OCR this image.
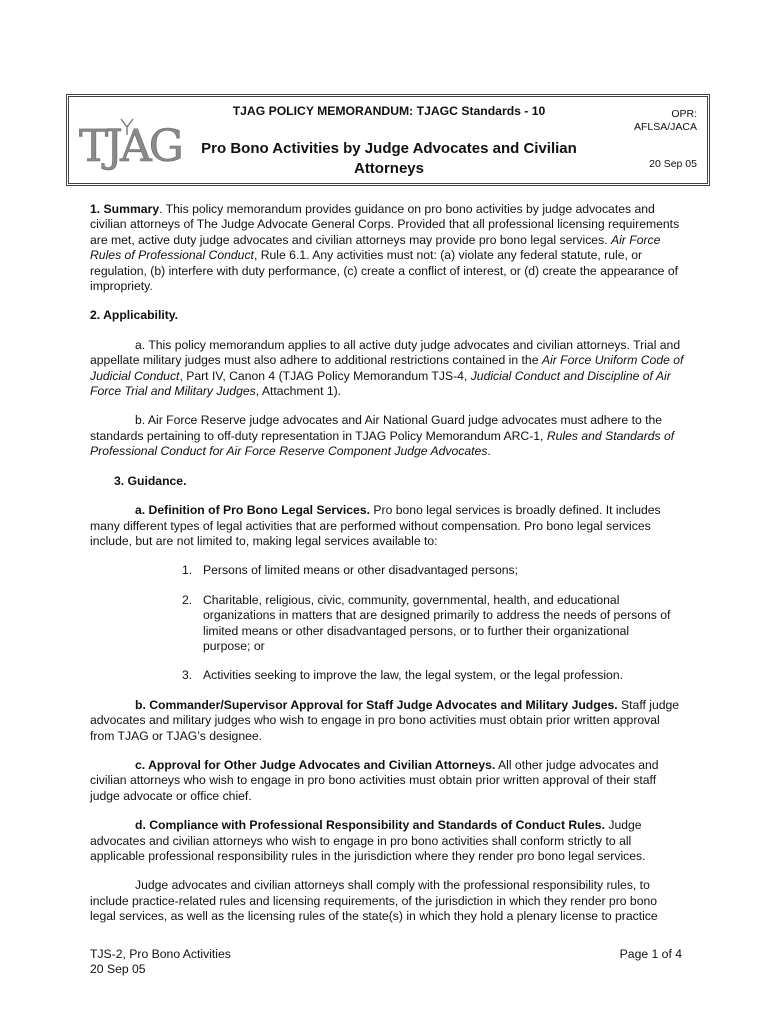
TJAG
TJAG POLICY MEMORANDUM: TJAGC Standards - 10
Pro Bono Activities by Judge Advocates and Civilian
Attorneys
OPR:
AFLSA/JACA
20 Sep 05

1. Summary. This policy memorandum provides guidance on pro bono activities by judge advocates and civilian attorneys of The Judge Advocate General Corps. Provided that all professional licensing requirements are met, active duty judge advocates and civilian attorneys may provide pro bono legal services. Air Force Rules of Professional Conduct, Rule 6.1. Any activities must not: (a) violate any federal statute, rule, or regulation, (b) interfere with duty performance, (c) create a conflict of interest, or (d) create the appearance of impropriety.

2. Applicability.

a. This policy memorandum applies to all active duty judge advocates and civilian attorneys. Trial and appellate military judges must also adhere to additional restrictions contained in the Air Force Uniform Code of Judicial Conduct, Part IV, Canon 4 (TJAG Policy Memorandum TJS-4, Judicial Conduct and Discipline of Air Force Trial and Military Judges, Attachment 1).

b. Air Force Reserve judge advocates and Air National Guard judge advocates must adhere to the standards pertaining to off-duty representation in TJAG Policy Memorandum ARC-1, Rules and Standards of Professional Conduct for Air Force Reserve Component Judge Advocates.

3. Guidance.

a. Definition of Pro Bono Legal Services. Pro bono legal services is broadly defined. It includes many different types of legal activities that are performed without compensation. Pro bono legal services include, but are not limited to, making legal services available to:

1. Persons of limited means or other disadvantaged persons;
2. Charitable, religious, civic, community, governmental, health, and educational organizations in matters that are designed primarily to address the needs of persons of limited means or other disadvantaged persons, or to further their organizational purpose; or
3. Activities seeking to improve the law, the legal system, or the legal profession.

b. Commander/Supervisor Approval for Staff Judge Advocates and Military Judges. Staff judge advocates and military judges who wish to engage in pro bono activities must obtain prior written approval from TJAG or TJAG’s designee.

c. Approval for Other Judge Advocates and Civilian Attorneys. All other judge advocates and civilian attorneys who wish to engage in pro bono activities must obtain prior written approval of their staff judge advocate or office chief.

d. Compliance with Professional Responsibility and Standards of Conduct Rules. Judge advocates and civilian attorneys who wish to engage in pro bono activities shall conform strictly to all applicable professional responsibility rules in the jurisdiction where they render pro bono legal services.

Judge advocates and civilian attorneys shall comply with the professional responsibility rules, to include practice-related rules and licensing requirements, of the jurisdiction in which they render pro bono legal services, as well as the licensing rules of the state(s) in which they hold a plenary license to practice

TJS-2, Pro Bono Activities
20 Sep 05
Page 1 of 4
